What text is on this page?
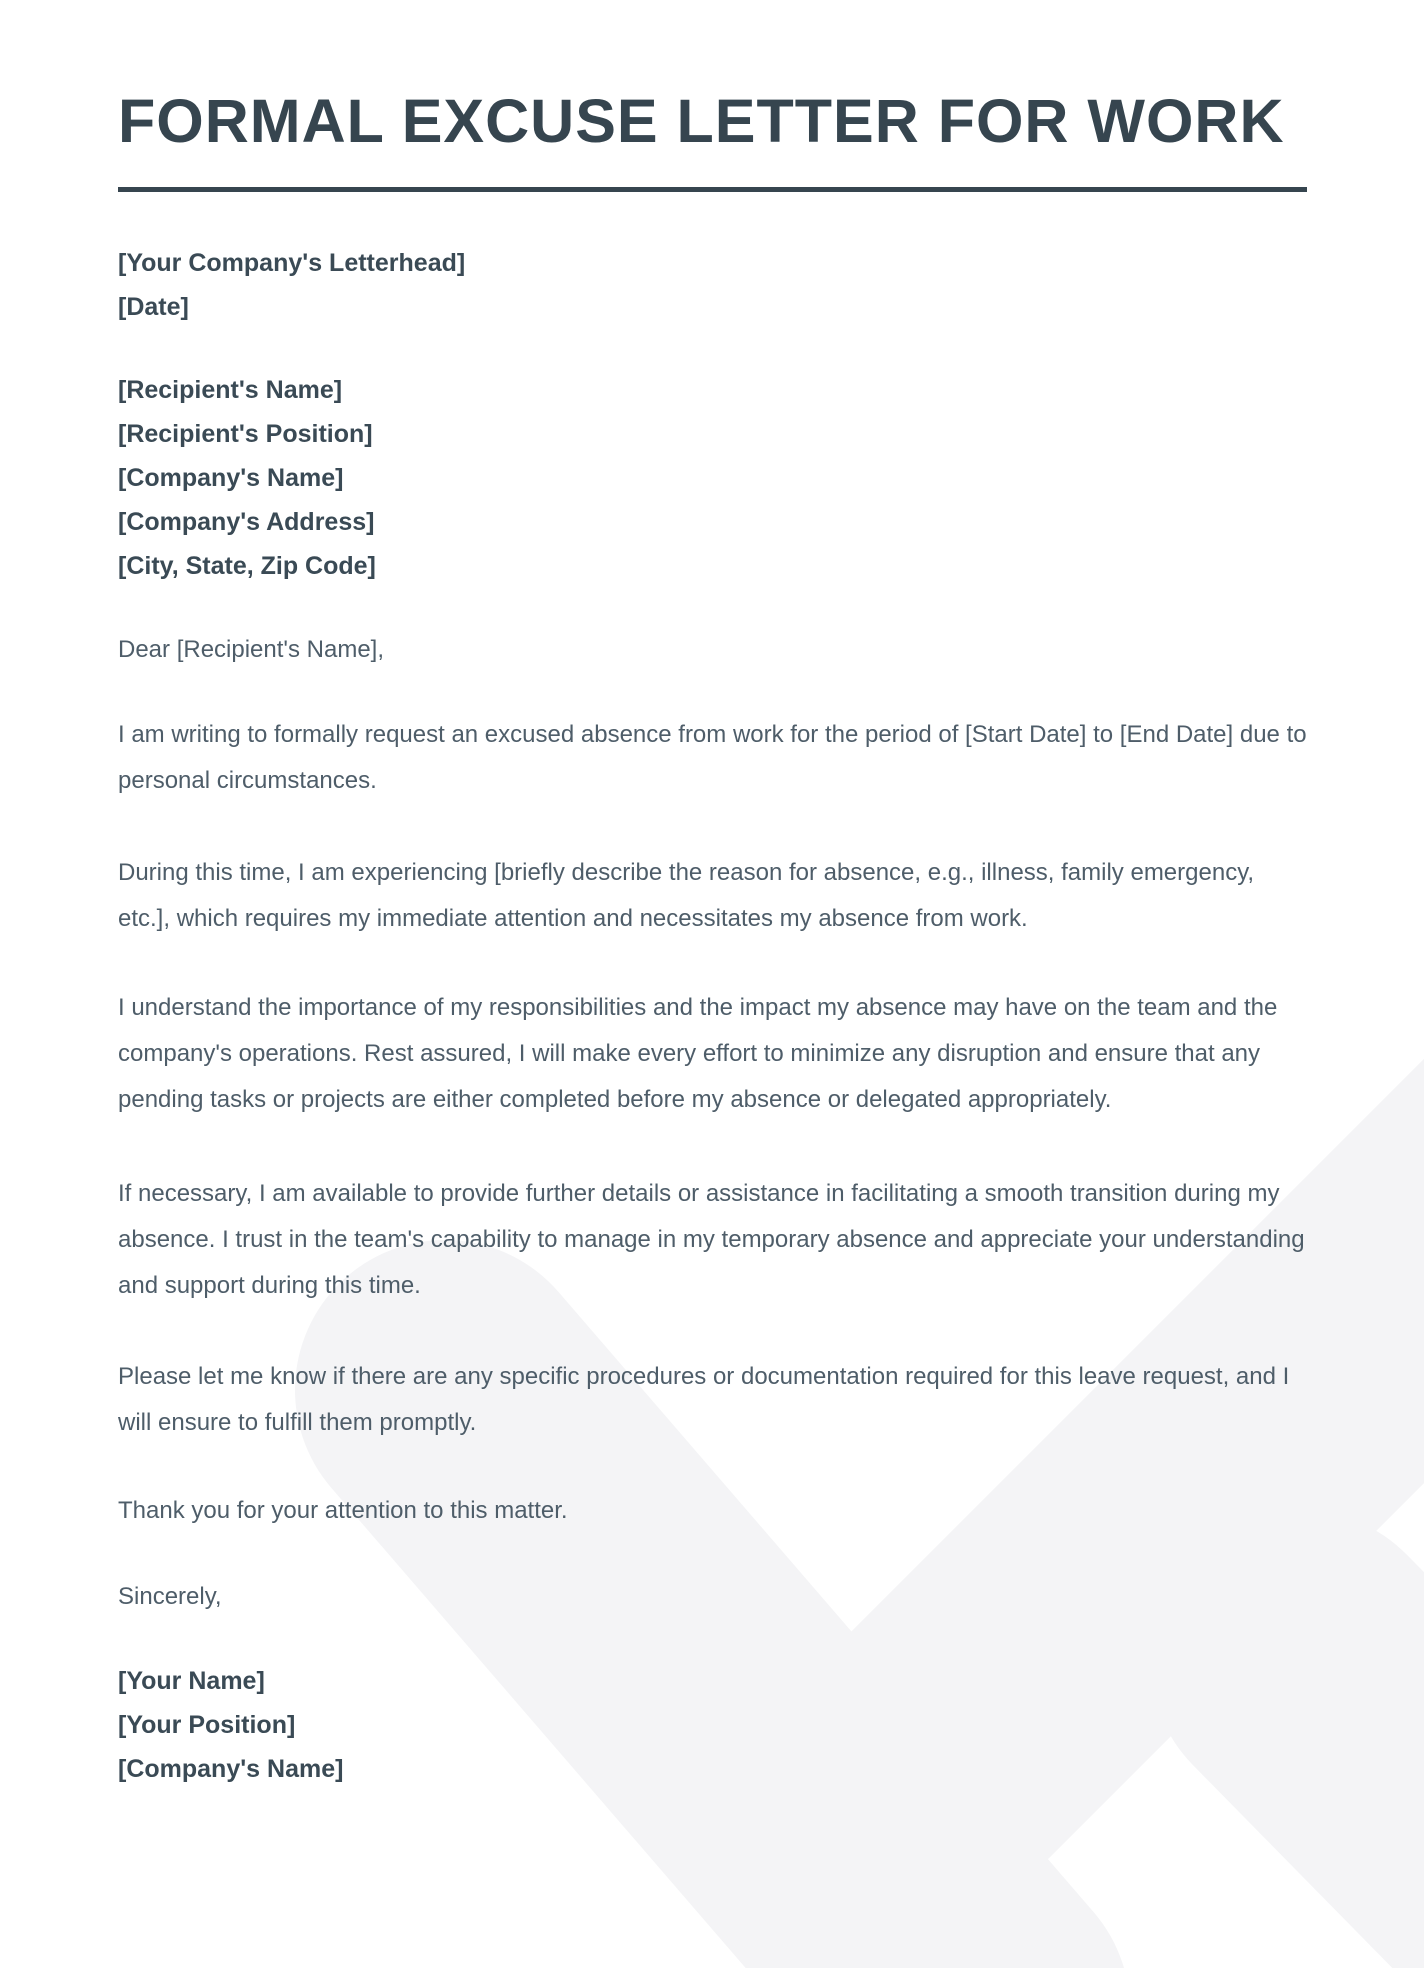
FORMAL EXCUSE LETTER FOR WORK

[Your Company's Letterhead]

[Date]

[Recipient's Name]

[Recipient's Position]

[Company's Name]

[Company's Address]

[City, State, Zip Code]

Dear [Recipient's Name],

I am writing to formally request an excused absence from work for the period of [Start Date] to [End Date] due to personal circumstances.

During this time, I am experiencing [briefly describe the reason for absence, e.g., illness, family emergency, etc.], which requires my immediate attention and necessitates my absence from work.

I understand the importance of my responsibilities and the impact my absence may have on the team and the company's operations. Rest assured, I will make every effort to minimize any disruption and ensure that any pending tasks or projects are either completed before my absence or delegated appropriately.

If necessary, I am available to provide further details or assistance in facilitating a smooth transition during my absence. I trust in the team's capability to manage in my temporary absence and appreciate your understanding and support during this time.

Please let me know if there are any specific procedures or documentation required for this leave request, and I will ensure to fulfill them promptly.

Thank you for your attention to this matter.

Sincerely,

[Your Name]

[Your Position]

[Company's Name]
